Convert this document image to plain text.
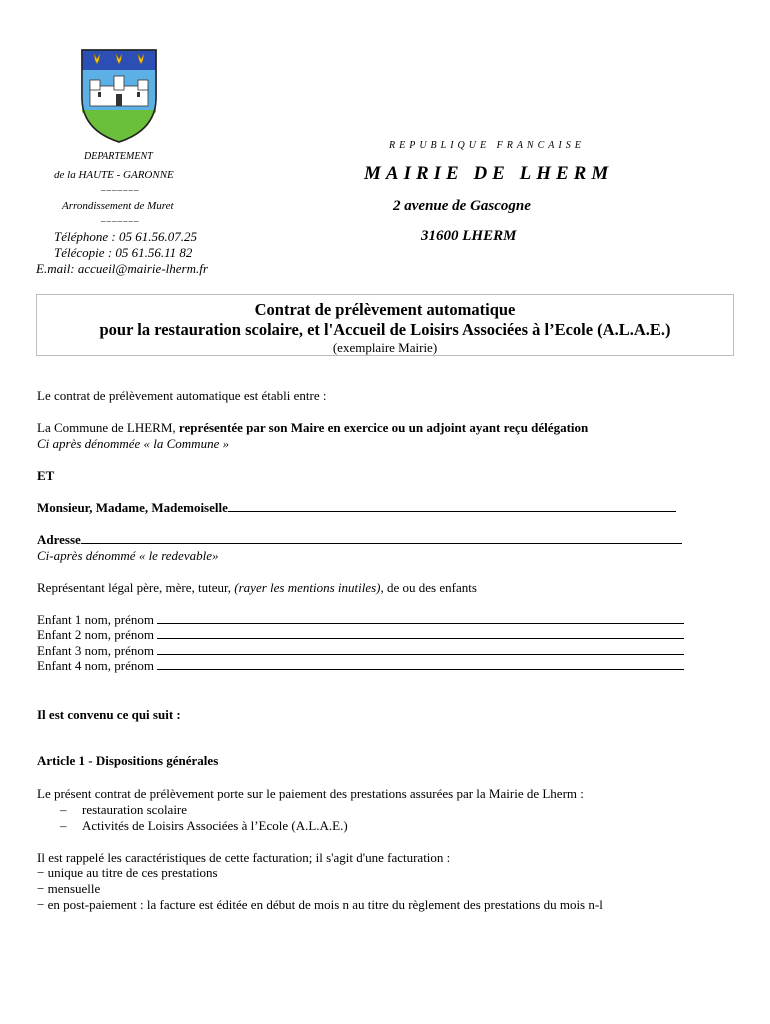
DEPARTEMENT
de la HAUTE - GARONNE
_______
Arrondissement de Muret
_______
Téléphone : 05 61.56.07.25
Télécopie : 05 61.56.11 82
E.mail: accueil@mairie-lherm.fr
REPUBLIQUE FRANCAISE
MAIRIE DE LHERM
2 avenue de Gascogne
31600 LHERM
Contrat de prélèvement automatique
pour la restauration scolaire, et l'Accueil de Loisirs Associées à l’Ecole (A.L.A.E.)
(exemplaire Mairie)
Le contrat de prélèvement automatique est établi entre :
La Commune de LHERM, représentée par son Maire en exercice ou un adjoint ayant reçu délégation
Ci après dénommée « la Commune »
ET
Monsieur, Madame, Mademoiselle
Adresse
Ci-après dénommé « le redevable»
Représentant légal père, mère, tuteur, (rayer les mentions inutiles), de ou des enfants
Enfant 1 nom, prénom
Enfant 2 nom, prénom
Enfant 3 nom, prénom
Enfant 4 nom, prénom
Il est convenu ce qui suit :
Article 1 - Dispositions générales
Le présent contrat de prélèvement porte sur le paiement des prestations assurées par la Mairie de Lherm :
– restauration scolaire
– Activités de Loisirs Associées à l’Ecole (A.L.A.E.)
Il est rappelé les caractéristiques de cette facturation; il s'agit d'une facturation :
− unique au titre de ces prestations
− mensuelle
− en post-paiement : la facture est éditée en début de mois n au titre du règlement des prestations du mois n-l
